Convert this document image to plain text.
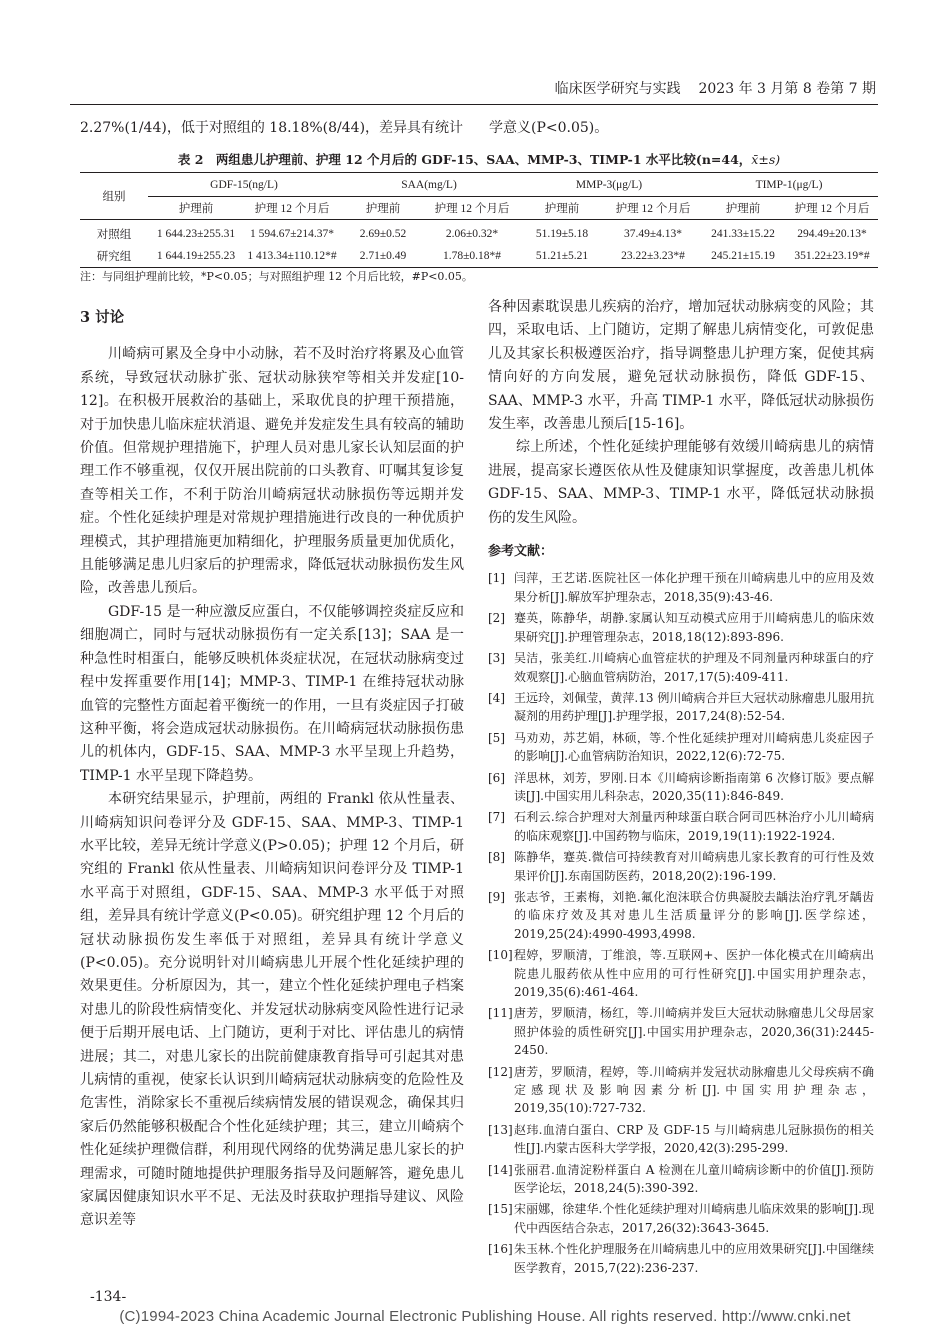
临床医学研究与实践 2023 年 3 月第 8 卷第 7 期
2.27%(1/44)，低于对照组的 18.18%(8/44)，差异具有统计 学意义(P<0.05)。
表 2　两组患儿护理前、护理 12 个月后的 GDF-15、SAA、MMP-3、TIMP-1 水平比较(n=44，x̄±s)
组别	GDF-15(ng/L)		SAA(mg/L)		MMP-3(μg/L)		TIMP-1(μg/L)	
	护理前	护理 12 个月后	护理前	护理 12 个月后	护理前	护理 12 个月后	护理前	护理 12 个月后
对照组	1 644.23±255.31	1 594.67±214.37*	2.69±0.52	2.06±0.32*	51.19±5.18	37.49±4.13*	241.33±15.22	294.49±20.13*
研究组	1 644.19±255.23	1 413.34±110.12*#	2.71±0.49	1.78±0.18*#	51.21±5.21	23.22±3.23*#	245.21±15.19	351.22±23.19*#
注：与同组护理前比较，*P<0.05；与对照组护理 12 个月后比较，#P<0.05。

3 讨论

川崎病可累及全身中小动脉，若不及时治疗将累及心血管系统，导致冠状动脉扩张、冠状动脉狭窄等相关并发症[10-12]。在积极开展救治的基础上，采取优良的护理干预措施，对于加快患儿临床症状消退、避免并发症发生具有较高的辅助价值。但常规护理措施下，护理人员对患儿家长认知层面的护理工作不够重视，仅仅开展出院前的口头教育、叮嘱其复诊复查等相关工作，不利于防治川崎病冠状动脉损伤等远期并发症。个性化延续护理是对常规护理措施进行改良的一种优质护理模式，其护理措施更加精细化，护理服务质量更加优质化，且能够满足患儿归家后的护理需求，降低冠状动脉损伤发生风险，改善患儿预后。

GDF-15 是一种应激反应蛋白，不仅能够调控炎症反应和细胞凋亡，同时与冠状动脉损伤有一定关系[13]；SAA 是一种急性时相蛋白，能够反映机体炎症状况，在冠状动脉病变过程中发挥重要作用[14]；MMP-3、TIMP-1 在维持冠状动脉血管的完整性方面起着平衡统一的作用，一旦有炎症因子打破这种平衡，将会造成冠状动脉损伤。在川崎病冠状动脉损伤患儿的机体内，GDF-15、SAA、MMP-3 水平呈现上升趋势，TIMP-1 水平呈现下降趋势。

本研究结果显示，护理前，两组的 Frankl 依从性量表、川崎病知识问卷评分及 GDF-15、SAA、MMP-3、TIMP-1 水平比较，差异无统计学意义(P>0.05)；护理 12 个月后，研究组的 Frankl 依从性量表、川崎病知识问卷评分及 TIMP-1 水平高于对照组，GDF-15、SAA、MMP-3 水平低于对照组，差异具有统计学意义(P<0.05)。研究组护理 12 个月后的冠状动脉损伤发生率低于对照组，差异具有统计学意义(P<0.05)。充分说明针对川崎病患儿开展个性化延续护理的效果更佳。分析原因为，其一，建立个性化延续护理电子档案对患儿的阶段性病情变化、并发冠状动脉病变风险性进行记录便于后期开展电话、上门随访，更利于对比、评估患儿的病情进展；其二，对患儿家长的出院前健康教育指导可引起其对患儿病情的重视，使家长认识到川崎病冠状动脉病变的危险性及危害性，消除家长不重视后续病情发展的错误观念，确保其归家后仍然能够积极配合个性化延续护理；其三，建立川崎病个性化延续护理微信群，利用现代网络的优势满足患儿家长的护理需求，可随时随地提供护理服务指导及问题解答，避免患儿家属因健康知识水平不足、无法及时获取护理指导建议、风险意识差等

各种因素耽误患儿疾病的治疗，增加冠状动脉病变的风险；其四，采取电话、上门随访，定期了解患儿病情变化，可敦促患儿及其家长积极遵医治疗，指导调整患儿护理方案，促使其病情向好的方向发展，避免冠状动脉损伤，降低 GDF-15、SAA、MMP-3 水平，升高 TIMP-1 水平，降低冠状动脉损伤发生率，改善患儿预后[15-16]。

综上所述，个性化延续护理能够有效缓川崎病患儿的病情进展，提高家长遵医依从性及健康知识掌握度，改善患儿机体 GDF-15、SAA、MMP-3、TIMP-1 水平，降低冠状动脉损伤的发生风险。

参考文献：
[1] 闫萍，王艺诺.医院社区一体化护理干预在川崎病患儿中的应用及效果分析[J].解放军护理杂志，2018,35(9):43-46.
[2] 蹇英，陈静华，胡静.家属认知互动模式应用于川崎病患儿的临床效果研究[J].护理管理杂志，2018,18(12):893-896.
[3] 吴洁，张美红.川崎病心血管症状的护理及不同剂量丙种球蛋白的疗效观察[J].心脑血管病防治，2017,17(5):409-411.
[4] 王远玲，刘佩莹，黄萍.13 例川崎病合并巨大冠状动脉瘤患儿服用抗凝剂的用药护理[J].护理学报，2017,24(8):52-54.
[5] 马劝劝，苏艺娟，林硕，等.个性化延续护理对川崎病患儿炎症因子的影响[J].心血管病防治知识，2022,12(6):72-75.
[6] 洋思林，刘芳，罗刚.日本《川崎病诊断指南第 6 次修订版》要点解读[J].中国实用儿科杂志，2020,35(11):846-849.
[7] 石利云.综合护理对大剂量丙种球蛋白联合阿司匹林治疗小儿川崎病的临床观察[J].中国药物与临床，2019,19(11):1922-1924.
[8] 陈静华，蹇英.微信可持续教育对川崎病患儿家长教育的可行性及效果评价[J].东南国防医药，2018,20(2):196-199.
[9] 张志爷，王素梅，刘艳.氟化泡沫联合仿典凝胶去龋法治疗乳牙龋齿的临床疗效及其对患儿生活质量评分的影响[J].医学综述，2019,25(24):4990-4993,4998.
[10] 程婷，罗顺清，丁维浪，等.互联网+、医护一体化模式在川崎病出院患儿服药依从性中应用的可行性研究[J].中国实用护理杂志，2019,35(6):461-464.
[11] 唐芳，罗顺清，杨红，等.川崎病并发巨大冠状动脉瘤患儿父母居家照护体验的质性研究[J].中国实用护理杂志，2020,36(31):2445-2450.
[12] 唐芳，罗顺清，程婷，等.川崎病并发冠状动脉瘤患儿父母疾病不确定感现状及影响因素分析[J].中国实用护理杂志，2019,35(10):727-732.
[13] 赵玮.血清白蛋白、CRP 及 GDF-15 与川崎病患儿冠脉损伤的相关性[J].内蒙古医科大学学报，2020,42(3):295-299.
[14] 张丽君.血清淀粉样蛋白 A 检测在儿童川崎病诊断中的价值[J].预防医学论坛，2018,24(5):390-392.
[15] 宋丽娜，徐建华.个性化延续护理对川崎病患儿临床效果的影响[J].现代中西医结合杂志，2017,26(32):3643-3645.
[16] 朱玉林.个性化护理服务在川崎病患儿中的应用效果研究[J].中国继续医学教育，2015,7(22):236-237.
-134-
(C)1994-2023 China Academic Journal Electronic Publishing House. All rights reserved. http://www.cnki.net
